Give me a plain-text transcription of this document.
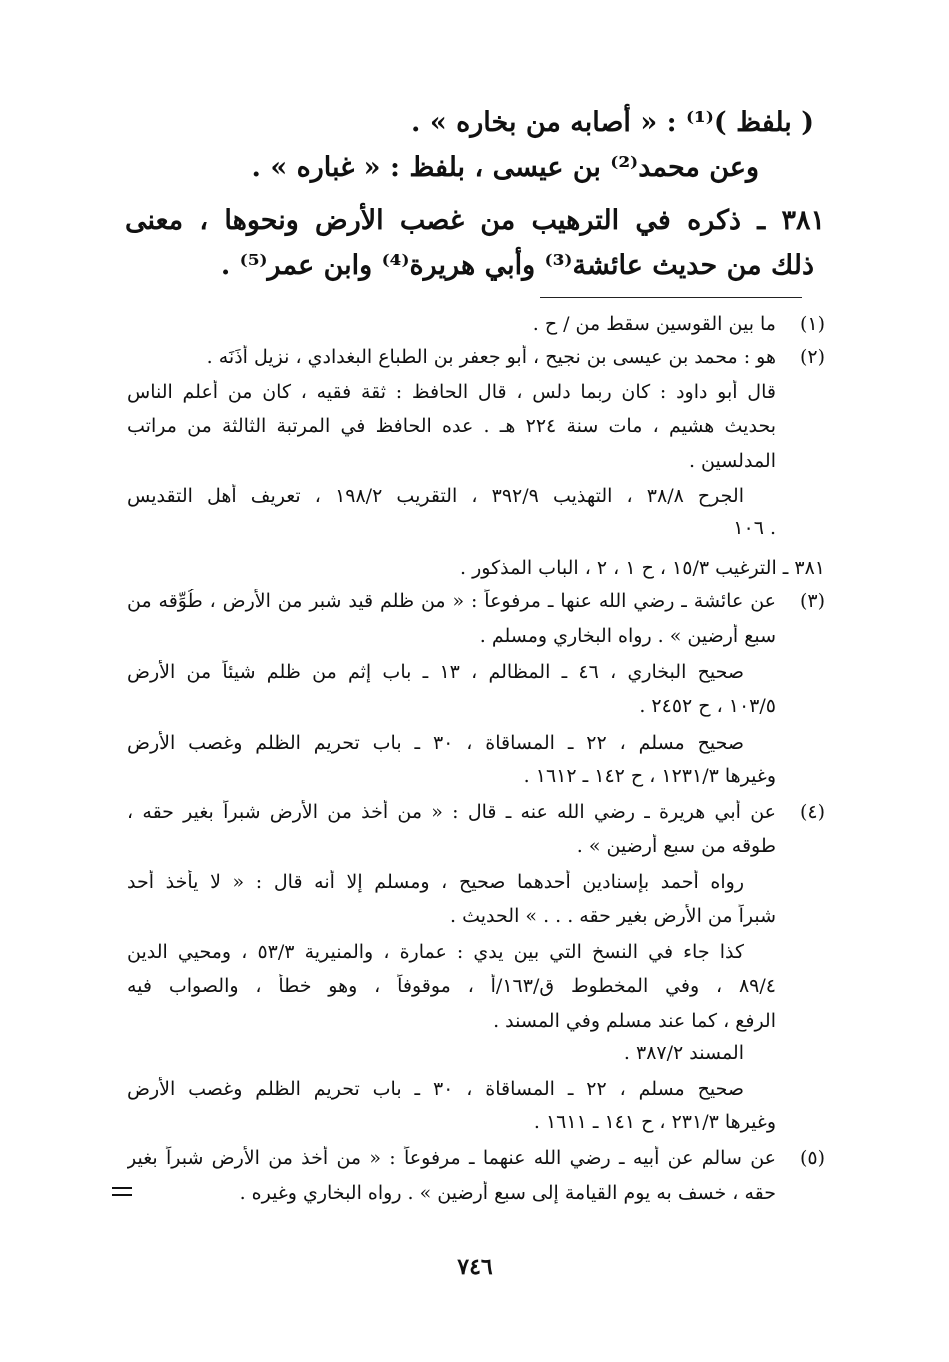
( بلفظ )⁽¹⁾ : « أصابه من بخاره » .
وعن محمد⁽²⁾ بن عيسى ، بلفظ : « غباره » .
٣٨١ ـ ذكره في الترهيب من غصب الأرض ونحوها ، معنى
ذلك من حديث عائشة⁽³⁾ وأبي هريرة⁽⁴⁾ وابن عمر⁽⁵⁾ .
(١)
ما بين القوسين سقط من / ح .
(٢)
هو : محمد بن عيسى بن نجيح ، أبو جعفر بن الطباع البغدادي ، نزيل أَذَنَه .
قال أبو داود : كان ربما دلس ، قال الحافظ : ثقة فقيه ، كان من أعلم الناس
بحديث هشيم ، مات سنة ٢٢٤ هـ . عده الحافظ في المرتبة الثالثة من مراتب
المدلسين .
الجرح ٣٨/٨ ، التهذيب ٣٩٢/٩ ، التقريب ١٩٨/٢ ، تعريف أهل التقديس
١٠٦ .
٣٨١ ـ الترغيب ١٥/٣ ، ح ١ ، ٢ ، الباب المذكور .
(٣)
عن عائشة ـ رضي الله عنها ـ مرفوعاً : « من ظلم قيد شبر من الأرض ، طُوِّقه من
سبع أرضين » . رواه البخاري ومسلم .
صحيح البخاري ، ٤٦ ـ المظالم ، ١٣ ـ باب إثم من ظلم شيئاً من الأرض
١٠٣/٥ ، ح ٢٤٥٢ .
صحيح مسلم ، ٢٢ ـ المساقاة ، ٣٠ ـ باب تحريم الظلم وغصب الأرض
وغيرها ١٢٣١/٣ ، ح ١٤٢ ـ ١٦١٢ .
(٤)
عن أبي هريرة ـ رضي الله عنه ـ قال : « من أخذ من الأرض شبراً بغير حقه ،
طوقه من سبع أرضين » .
رواه أحمد بإسنادين أحدهما صحيح ، ومسلم إلا أنه قال : « لا يأخذ أحد
شبراً من الأرض بغير حقه . . . » الحديث .
كذا جاء في النسخ التي بين يدي : عمارة ، والمنيرية ٥٣/٣ ، ومحيي الدين
٨٩/٤ ، وفي المخطوط ق/١٦٣/أ ، موقوفاً ، وهو خطأ ، والصواب فيه
الرفع ، كما عند مسلم وفي المسند .
المسند ٣٨٧/٢ .
صحيح مسلم ، ٢٢ ـ المساقاة ، ٣٠ ـ باب تحريم الظلم وغصب الأرض
وغيرها ٢٣١/٣ ، ح ١٤١ ـ ١٦١١ .
(٥)
عن سالم عن أبيه ـ رضي الله عنهما ـ مرفوعاً : « من أخذ من الأرض شبراً بغير
حقه ، خسف به يوم القيامة إلى سبع أرضين » . رواه البخاري وغيره .
٧٤٦
